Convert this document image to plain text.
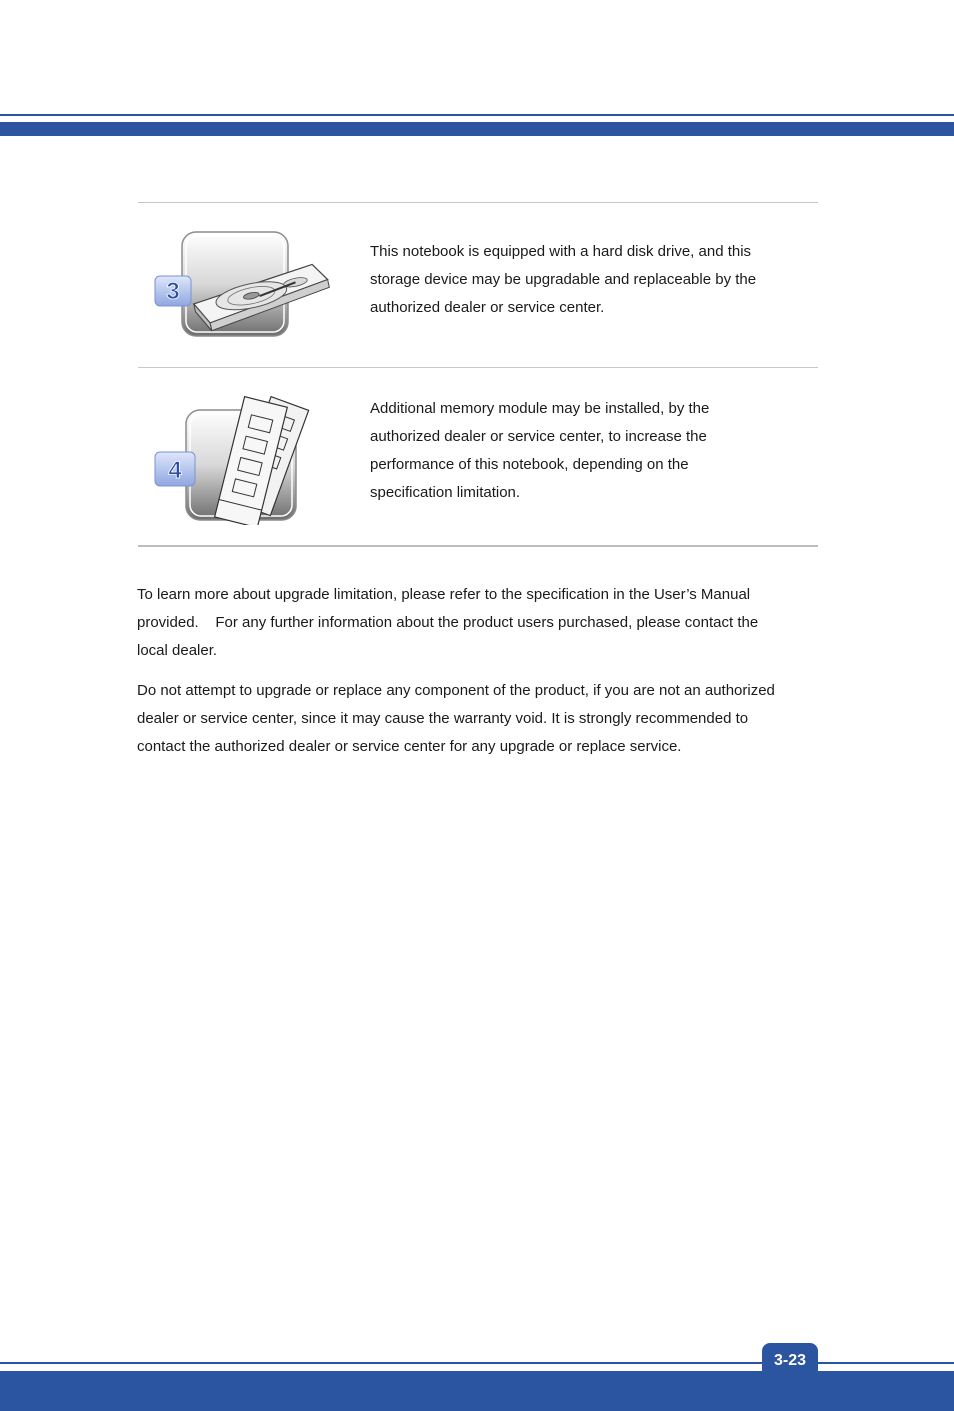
3

This notebook is equipped with a hard disk drive, and this
storage device may be upgradable and replaceable by the
authorized dealer or service center.

4

Additional memory module may be installed, by the
authorized dealer or service center, to increase the
performance of this notebook, depending on the
specification limitation.

To learn more about upgrade limitation, please refer to the specification in the User’s Manual
provided.    For any further information about the product users purchased, please contact the
local dealer.

Do not attempt to upgrade or replace any component of the product, if you are not an authorized
dealer or service center, since it may cause the warranty void. It is strongly recommended to
contact the authorized dealer or service center for any upgrade or replace service.

3-23
